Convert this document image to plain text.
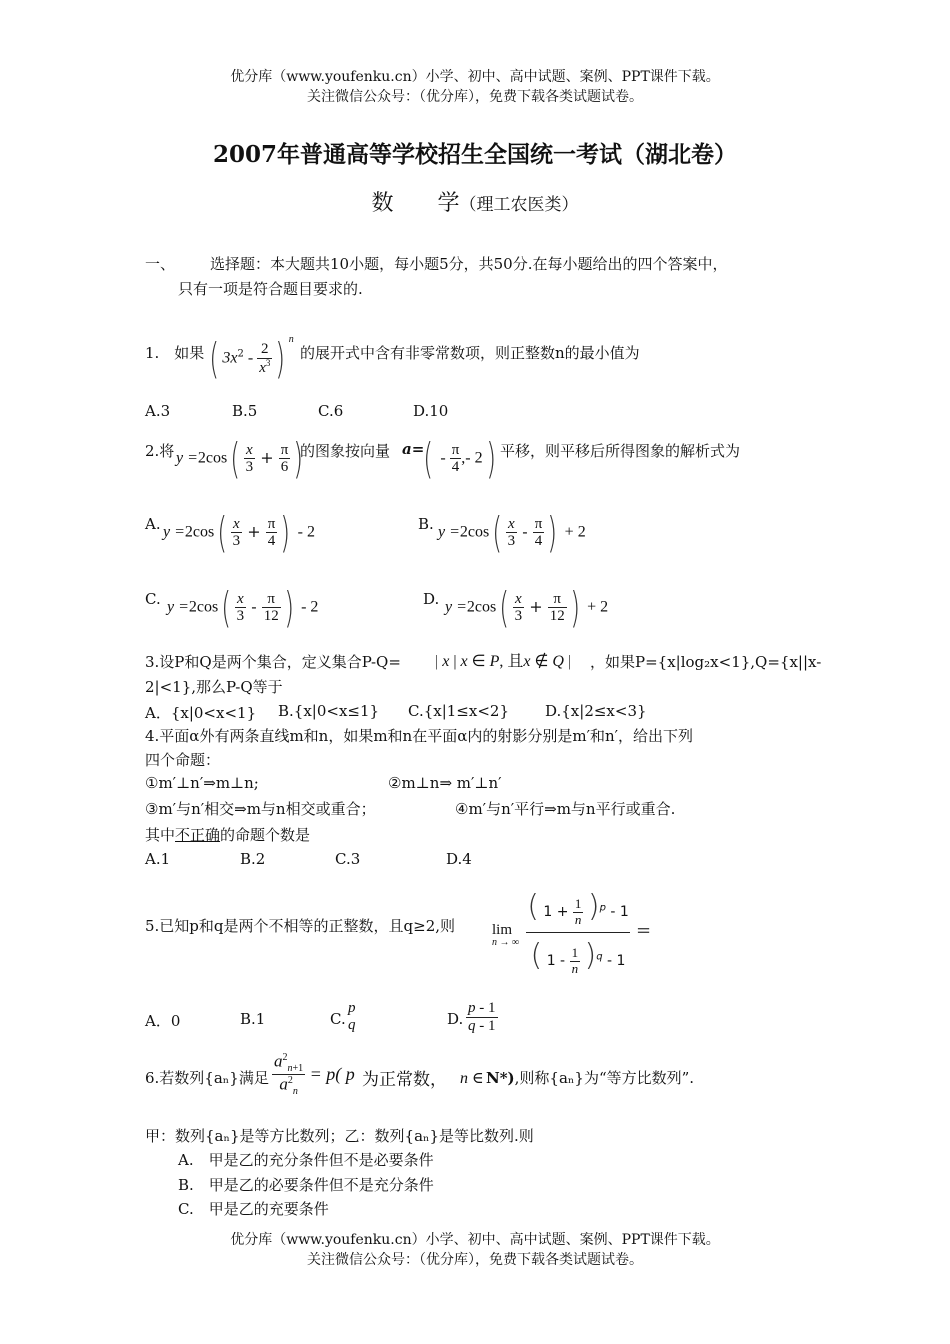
优分库（www.youfenku.cn）小学、初中、高中试题、案例、PPT课件下载。
关注微信公众号：（优分库），免费下载各类试题试卷。
2007年普通高等学校招生全国统一考试（湖北卷）
数　　学（理工农医类）
一、 选择题：本大题共10小题，每小题5分，共50分.在每小题给出的四个答案中，
只有一项是符合题目要求的.
1.　如果 ( $3x^2 - \frac{2}{x^3}$ ) $^n$
的展开式中含有非零常数项，则正整数n的最小值为
A.3	B.5	C.6	D.10
2.将 $y =2\cos( \frac{x}{3} + \frac{\pi}{6}$ )
的图象按向量 a=
( - $\frac{\pi}{4}$ ,- 2) 平移，则平移后所得图象的解析式为
A. $y =2\cos( \frac{x}{3} + \frac{\pi}{4}$ ) - 2	B. $y =2\cos( \frac{x}{3} - \frac{\pi}{4}$ ) + 2
C. $y =2\cos( \frac{x}{3} - \frac{\pi}{12}$ ) - 2	D. $y =2\cos( \frac{x}{3} + \frac{\pi}{12}$ ) + 2
3.设P和Q是两个集合，定义集合P-Q= | x | x ∈ P, 且x ∉ Q | ，如果P={x|log₂x<1},Q={x||x-
2|<1},那么P-Q等于
A．{x|0<x<1} B.{x|0<x≤1} C.{x|1≤x<2} D.{x|2≤x<3}
4.平面α外有两条直线m和n，如果m和n在平面α内的射影分别是m′和n′，给出下列
四个命题：
①m′⊥n′⇒m⊥n;	②m⊥n⇒ m′⊥n′
③m′与n′相交⇒m与n相交或重合；	④m′与n′平行⇒m与n平行或重合.
其中不正确的命题个数是
A.1	B.2	C.3	D.4
5.已知p和q是两个不相等的正整数，且q≥2,则 lim
n → ∞
( $1 + \frac{1}{n} )^p - 1$
( $1 - \frac{1}{n} )^q - 1$
=
A．0	B.1	C.
p
q	D. $\frac{p - 1}{q - 1}$
6.若数列{aₙ}满足 $\frac{a^2_{n+1}}{a^2_n} = p$( p 为正常数， n ∈ N*),则称{aₙ}为“等方比数列”.
甲：数列{aₙ}是等方比数列；乙：数列{aₙ}是等比数列.则
A.　甲是乙的充分条件但不是必要条件
B.　甲是乙的必要条件但不是充分条件
C.　甲是乙的充要条件
优分库（www.youfenku.cn）小学、初中、高中试题、案例、PPT课件下载。
关注微信公众号：（优分库），免费下载各类试题试卷。
